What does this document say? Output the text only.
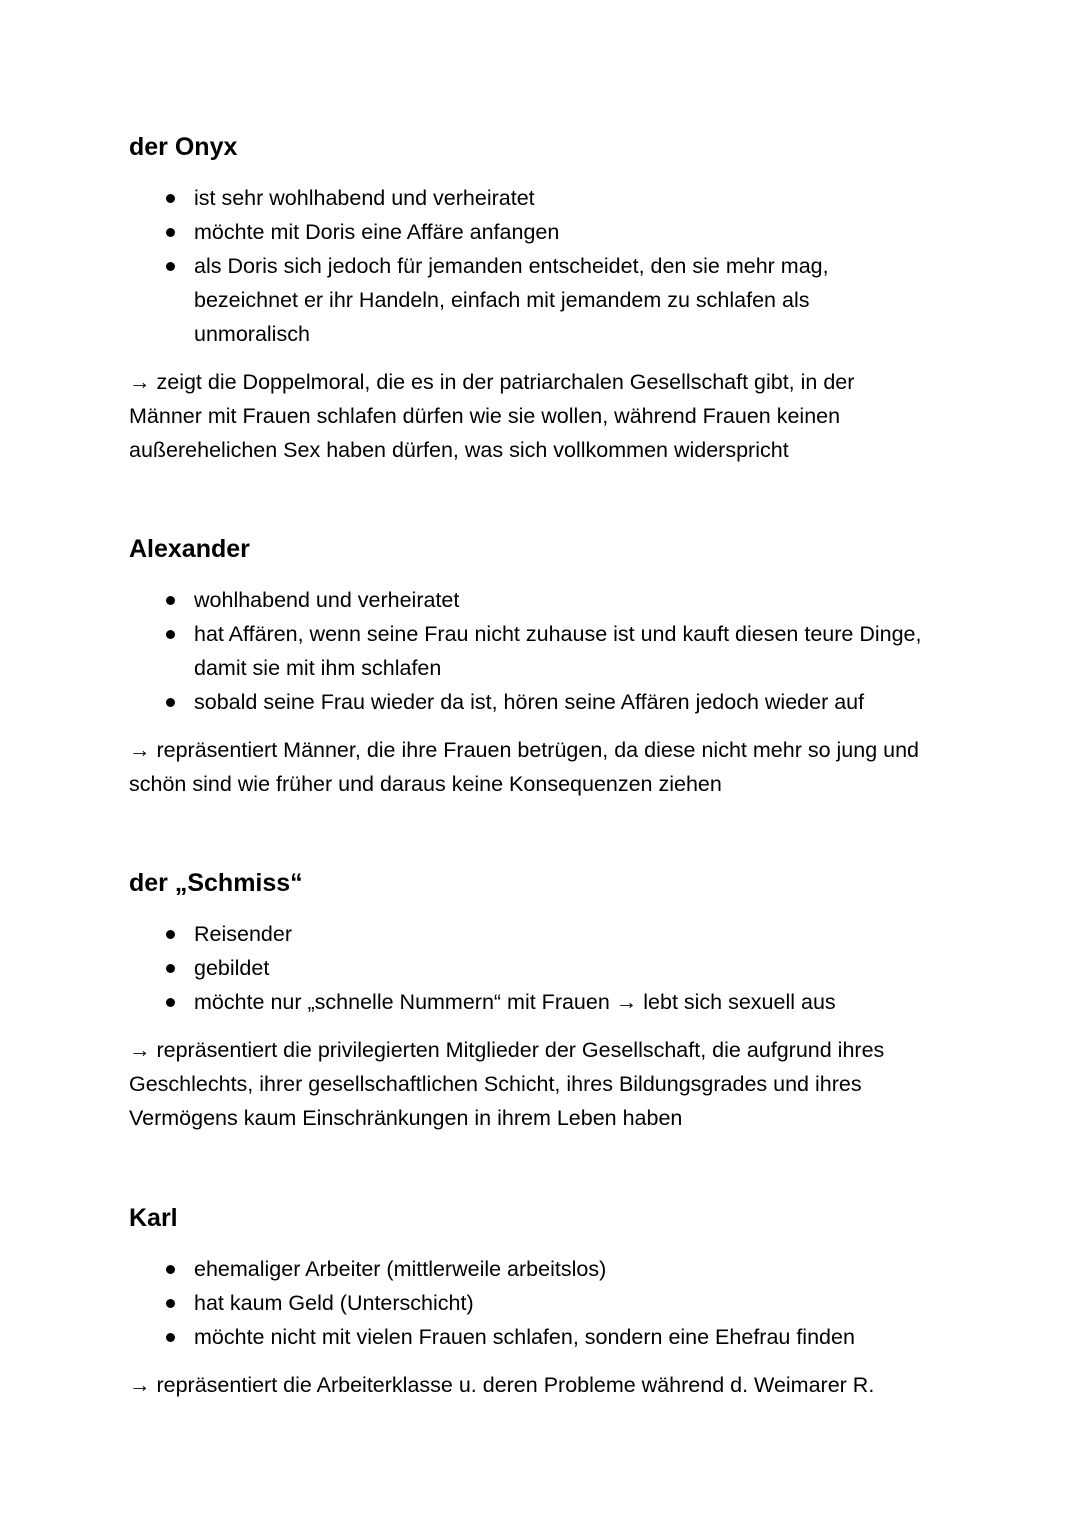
der Onyx
ist sehr wohlhabend und verheiratet
möchte mit Doris eine Affäre anfangen
als Doris sich jedoch für jemanden entscheidet, den sie mehr mag, bezeichnet er ihr Handeln, einfach mit jemandem zu schlafen als unmoralisch

→ zeigt die Doppelmoral, die es in der patriarchalen Gesellschaft gibt, in der Männer mit Frauen schlafen dürfen wie sie wollen, während Frauen keinen außerehelichen Sex haben dürfen, was sich vollkommen widerspricht

Alexander
wohlhabend und verheiratet
hat Affären, wenn seine Frau nicht zuhause ist und kauft diesen teure Dinge, damit sie mit ihm schlafen
sobald seine Frau wieder da ist, hören seine Affären jedoch wieder auf

→ repräsentiert Männer, die ihre Frauen betrügen, da diese nicht mehr so jung und schön sind wie früher und daraus keine Konsequenzen ziehen

der „Schmiss“
Reisender
gebildet
möchte nur „schnelle Nummern“ mit Frauen → lebt sich sexuell aus

→ repräsentiert die privilegierten Mitglieder der Gesellschaft, die aufgrund ihres Geschlechts, ihrer gesellschaftlichen Schicht, ihres Bildungsgrades und ihres Vermögens kaum Einschränkungen in ihrem Leben haben

Karl
ehemaliger Arbeiter (mittlerweile arbeitslos)
hat kaum Geld (Unterschicht)
möchte nicht mit vielen Frauen schlafen, sondern eine Ehefrau finden

→ repräsentiert die Arbeiterklasse u. deren Probleme während d. Weimarer R.
